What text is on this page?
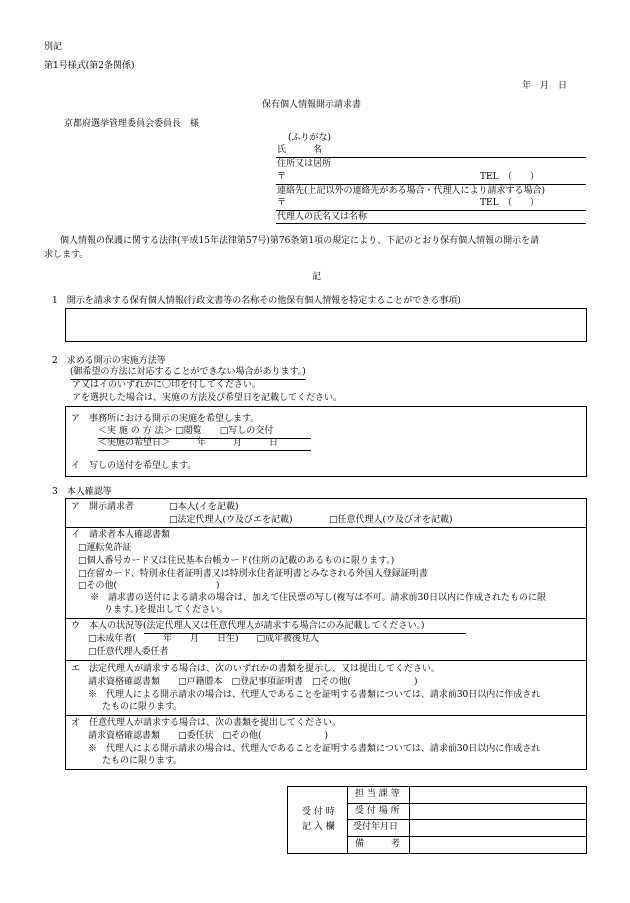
別記
第1号様式(第2条関係)
年　月　日
保有個人情報開示請求書
京都府選挙管理委員会委員長　様
(ふりがな)
氏　　　名
住所又は居所
〒	TEL　（　　）
連絡先(上記以外の連絡先がある場合・代理人により請求する場合)
〒	TEL　（　　）
代理人の氏名又は名称
個人情報の保護に関する法律(平成15年法律第57号)第76条第1項の規定により、下記のとおり保有個人情報の開示を請
求します。
記
1　開示を請求する保有個人情報(行政文書等の名称その他保有個人情報を特定することができる事項)
2　求める開示の実施方法等
(御希望の方法に対応することができない場合があります。)
ア又はイのいずれかに〇印を付してください。
アを選択した場合は、実施の方法及び希望日を記載してください。
ア　事務所における開示の実施を希望します。
＜実 施 の 方 法＞ □閲覧　　□写しの交付
＜実施の希望日＞　　　年　　　月　　　日
イ　写しの送付を希望します。
3　本人確認等
ア　開示請求者	□本人(イを記載)
□法定代理人(ウ及びエを記載)	□任意代理人(ウ及びオを記載)
イ　請求者本人確認書類
□運転免許証
□個人番号カード又は住民基本台帳カード(住所の記載のあるものに限ります。)
□在留カード、特別永住者証明書又は特別永住者証明書とみなされる外国人登録証明書
□その他(　　　　　　　　　　　)
※　請求書の送付による請求の場合は、加えて住民票の写し(複写は不可。請求前30日以内に作成されたものに限
ります。)を提出してください。
ウ　本人の状況等(法定代理人又は任意代理人が請求する場合にのみ記載してください。)
□未成年者(　　　年　　月　　日生)　　□成年被後見人
□任意代理人委任者
エ　法定代理人が請求する場合は、次のいずれかの書類を提示し、又は提出してください。
請求資格確認書類　　□戸籍謄本　□登記事項証明書　□その他(　　　　　　　)
※　代理人による開示請求の場合は、代理人であることを証明する書類については、請求前30日以内に作成され
たものに限ります。
オ　任意代理人が請求する場合は、次の書類を提出してください。
請求資格確認書類　　□委任状　□その他(　　　　　　　)
※　代理人による開示請求の場合は、代理人であることを証明する書類については、請求前30日以内に作成され
たものに限ります。
受 付 時
記 入 欄
担 当 課 等
受 付 場 所
受付年月日
備　　　考
